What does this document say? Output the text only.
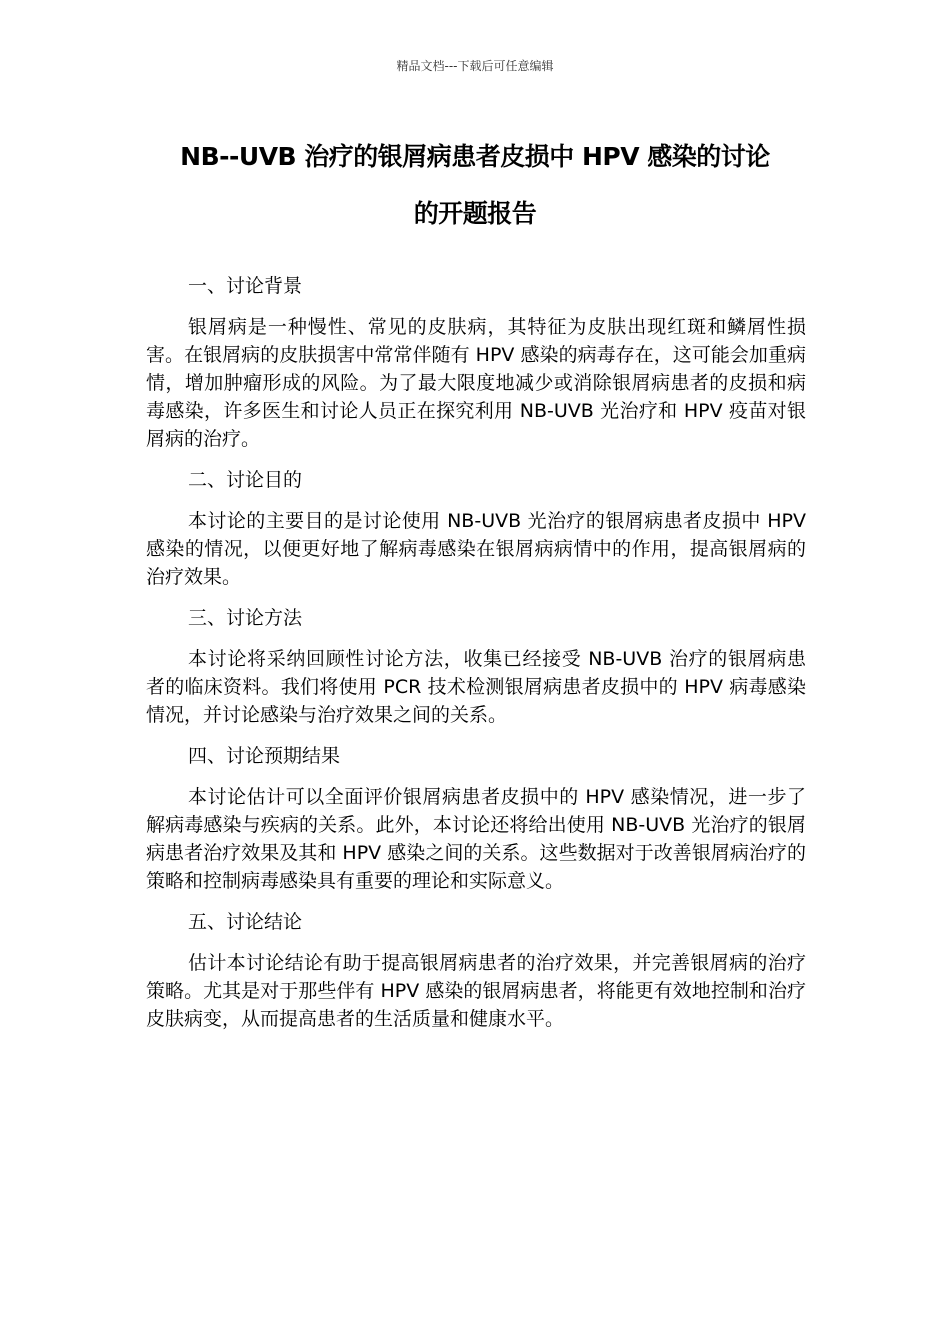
精品文档---下载后可任意编辑
NB--UVB 治疗的银屑病患者皮损中 HPV 感染的讨论
的开题报告

一、讨论背景

银屑病是一种慢性、常见的皮肤病，其特征为皮肤出现红斑和鳞屑性损害。在银屑病的皮肤损害中常常伴随有 HPV 感染的病毒存在，这可能会加重病情，增加肿瘤形成的风险。为了最大限度地减少或消除银屑病患者的皮损和病毒感染，许多医生和讨论人员正在探究利用 NB-UVB 光治疗和 HPV 疫苗对银屑病的治疗。

二、讨论目的

本讨论的主要目的是讨论使用 NB-UVB 光治疗的银屑病患者皮损中 HPV 感染的情况，以便更好地了解病毒感染在银屑病病情中的作用，提高银屑病的治疗效果。

三、讨论方法

本讨论将采纳回顾性讨论方法，收集已经接受 NB-UVB 治疗的银屑病患者的临床资料。我们将使用 PCR 技术检测银屑病患者皮损中的 HPV 病毒感染情况，并讨论感染与治疗效果之间的关系。

四、讨论预期结果

本讨论估计可以全面评价银屑病患者皮损中的 HPV 感染情况，进一步了解病毒感染与疾病的关系。此外，本讨论还将给出使用 NB-UVB 光治疗的银屑病患者治疗效果及其和 HPV 感染之间的关系。这些数据对于改善银屑病治疗的策略和控制病毒感染具有重要的理论和实际意义。

五、讨论结论

估计本讨论结论有助于提高银屑病患者的治疗效果，并完善银屑病的治疗策略。尤其是对于那些伴有 HPV 感染的银屑病患者，将能更有效地控制和治疗皮肤病变，从而提高患者的生活质量和健康水平。
